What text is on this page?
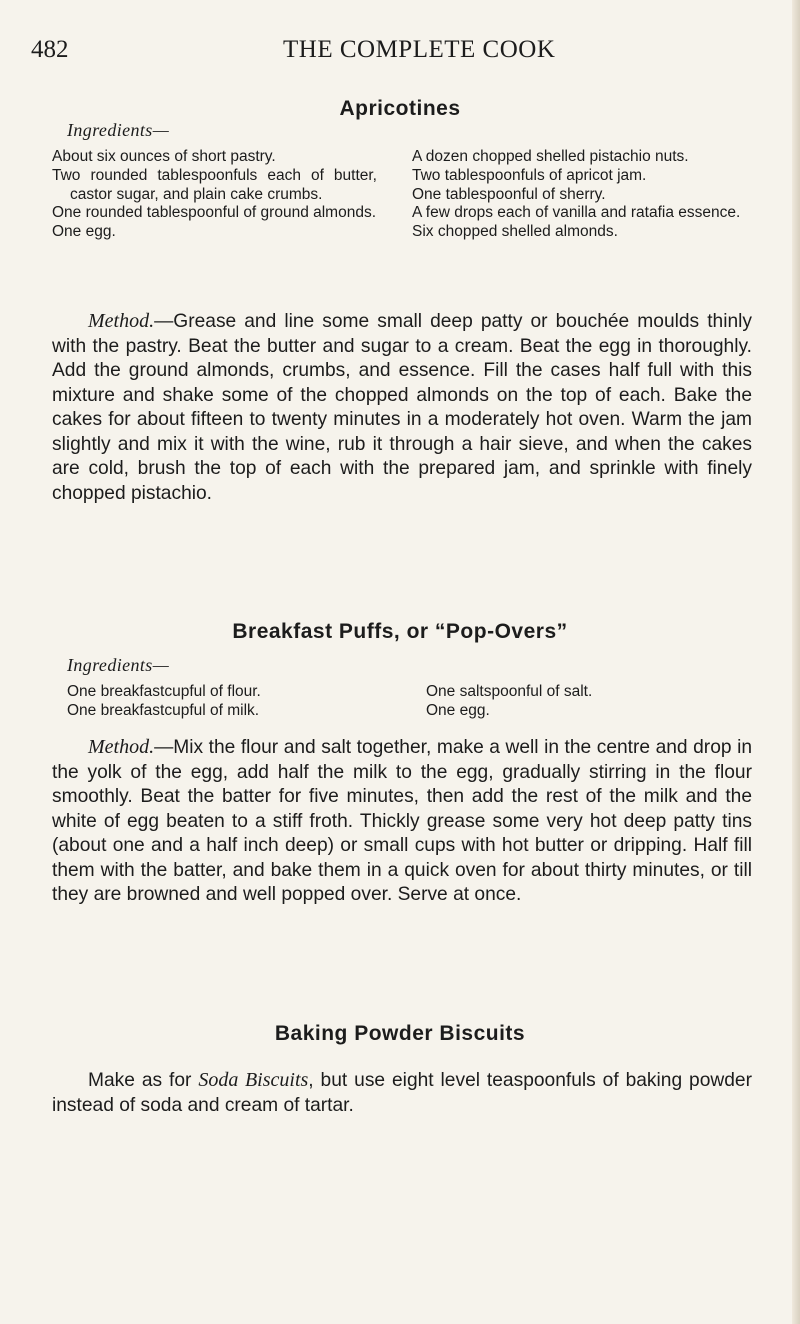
482	THE COMPLETE COOK
Apricotines
Ingredients—
About six ounces of short pastry.
Two rounded tablespoonfuls each of butter, castor sugar, and plain cake crumbs.
One rounded tablespoonful of ground almonds.
One egg.
A dozen chopped shelled pistachio nuts.
Two tablespoonfuls of apricot jam.
One tablespoonful of sherry.
A few drops each of vanilla and ratafia essence.
Six chopped shelled almonds.
Method.—Grease and line some small deep patty or bouchée moulds thinly with the pastry. Beat the butter and sugar to a cream. Beat the egg in thoroughly. Add the ground almonds, crumbs, and essence. Fill the cases half full with this mixture and shake some of the chopped almonds on the top of each. Bake the cakes for about fifteen to twenty minutes in a moderately hot oven. Warm the jam slightly and mix it with the wine, rub it through a hair sieve, and when the cakes are cold, brush the top of each with the prepared jam, and sprinkle with finely chopped pistachio.
Breakfast Puffs, or “Pop-Overs”
Ingredients—
One breakfastcupful of flour.
One breakfastcupful of milk.
One saltspoonful of salt.
One egg.
Method.—Mix the flour and salt together, make a well in the centre and drop in the yolk of the egg, add half the milk to the egg, gradually stirring in the flour smoothly. Beat the batter for five minutes, then add the rest of the milk and the white of egg beaten to a stiff froth. Thickly grease some very hot deep patty tins (about one and a half inch deep) or small cups with hot butter or dripping. Half fill them with the batter, and bake them in a quick oven for about thirty minutes, or till they are browned and well popped over. Serve at once.
Baking Powder Biscuits
Make as for Soda Biscuits, but use eight level teaspoonfuls of baking powder instead of soda and cream of tartar.
